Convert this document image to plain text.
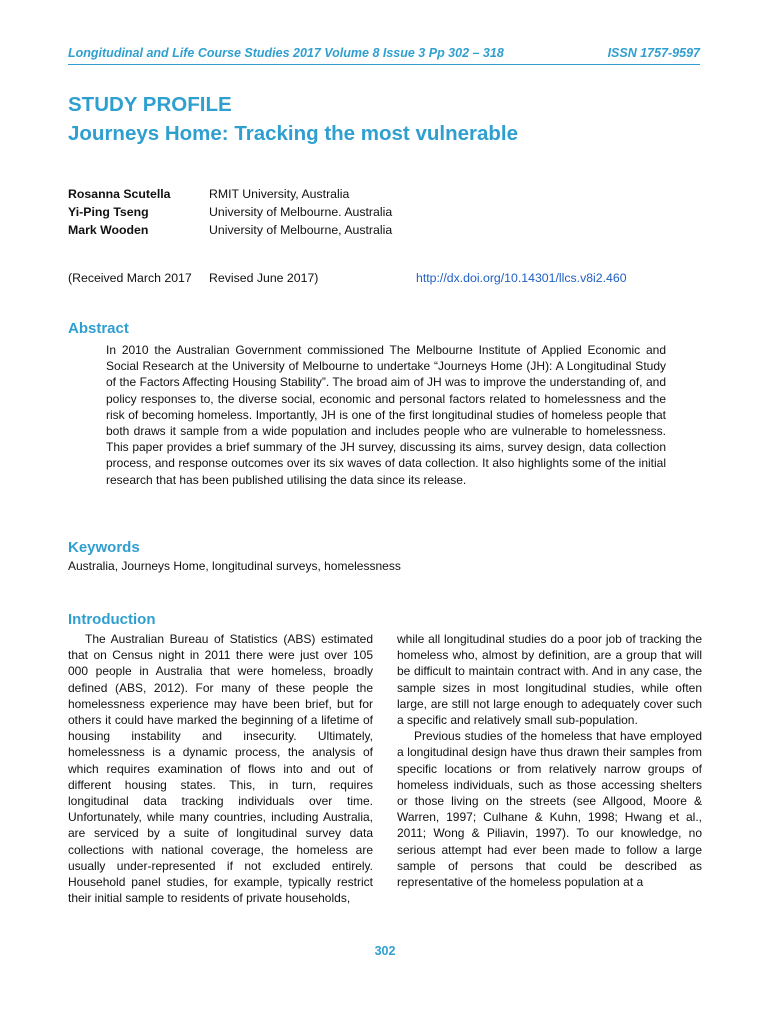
Longitudinal and Life Course Studies 2017 Volume 8 Issue 3 Pp 302 – 318	ISSN 1757-9597
STUDY PROFILE
Journeys Home: Tracking the most vulnerable
Rosanna Scutella	RMIT University, Australia
Yi-Ping Tseng	University of Melbourne. Australia
Mark Wooden	University of Melbourne, Australia
(Received March 2017 Revised June 2017)	http://dx.doi.org/10.14301/llcs.v8i2.460
Abstract

In 2010 the Australian Government commissioned The Melbourne Institute of Applied Economic and Social Research at the University of Melbourne to undertake “Journeys Home (JH): A Longitudinal Study of the Factors Affecting Housing Stability”. The broad aim of JH was to improve the understanding of, and policy responses to, the diverse social, economic and personal factors related to homelessness and the risk of becoming homeless. Importantly, JH is one of the first longitudinal studies of homeless people that both draws it sample from a wide population and includes people who are vulnerable to homelessness. This paper provides a brief summary of the JH survey, discussing its aims, survey design, data collection process, and response outcomes over its six waves of data collection. It also highlights some of the initial research that has been published utilising the data since its release.

Keywords

Australia, Journeys Home, longitudinal surveys, homelessness

Introduction

The Australian Bureau of Statistics (ABS) estimated that on Census night in 2011 there were just over 105 000 people in Australia that were homeless, broadly defined (ABS, 2012). For many of these people the homelessness experience may have been brief, but for others it could have marked the beginning of a lifetime of housing instability and insecurity. Ultimately, homelessness is a dynamic process, the analysis of which requires examination of flows into and out of different housing states. This, in turn, requires longitudinal data tracking individuals over time. Unfortunately, while many countries, including Australia, are serviced by a suite of longitudinal survey data collections with national coverage, the homeless are usually under-represented if not excluded entirely. Household panel studies, for example, typically restrict their initial sample to residents of private households,

while all longitudinal studies do a poor job of tracking the homeless who, almost by definition, are a group that will be difficult to maintain contract with. And in any case, the sample sizes in most longitudinal studies, while often large, are still not large enough to adequately cover such a specific and relatively small sub-population.

Previous studies of the homeless that have employed a longitudinal design have thus drawn their samples from specific locations or from relatively narrow groups of homeless individuals, such as those accessing shelters or those living on the streets (see Allgood, Moore & Warren, 1997; Culhane & Kuhn, 1998; Hwang et al., 2011; Wong & Piliavin, 1997). To our knowledge, no serious attempt had ever been made to follow a large sample of persons that could be described as representative of the homeless population at a

302
